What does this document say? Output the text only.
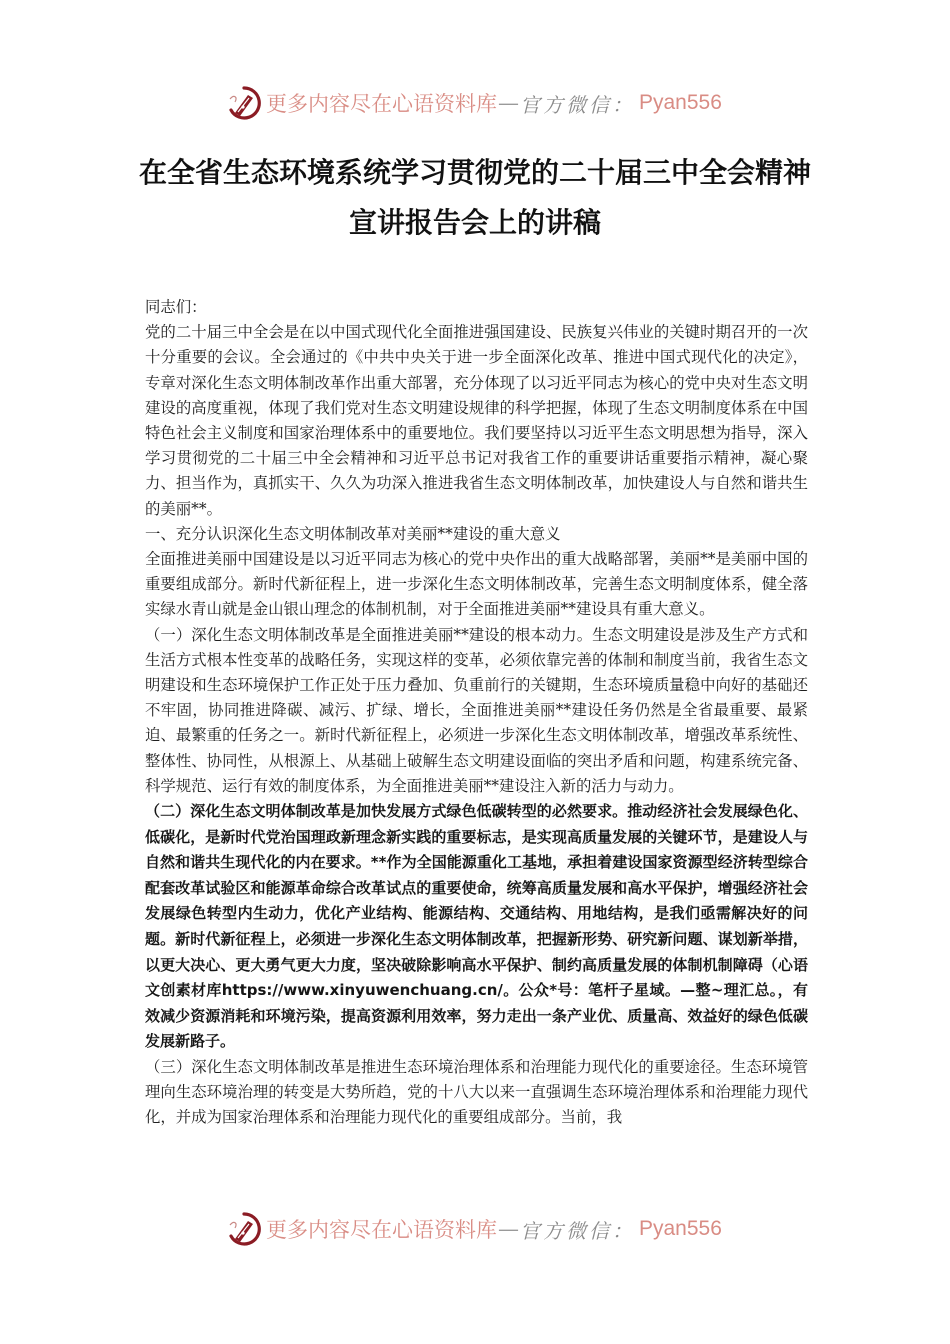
更多内容尽在心语资料库 — 官方微信： Pyan556
在全省生态环境系统学习贯彻党的二十届三中全会精神宣讲报告会上的讲稿

同志们：

党的二十届三中全会是在以中国式现代化全面推进强国建设、民族复兴伟业的关键时期召开的一次十分重要的会议。全会通过的《中共中央关于进一步全面深化改革、推进中国式现代化的决定》，专章对深化生态文明体制改革作出重大部署，充分体现了以习近平同志为核心的党中央对生态文明建设的高度重视，体现了我们党对生态文明建设规律的科学把握，体现了生态文明制度体系在中国特色社会主义制度和国家治理体系中的重要地位。我们要坚持以习近平生态文明思想为指导，深入学习贯彻党的二十届三中全会精神和习近平总书记对我省工作的重要讲话重要指示精神，凝心聚力、担当作为，真抓实干、久久为功深入推进我省生态文明体制改革，加快建设人与自然和谐共生的美丽**。

一、充分认识深化生态文明体制改革对美丽**建设的重大意义

全面推进美丽中国建设是以习近平同志为核心的党中央作出的重大战略部署，美丽**是美丽中国的重要组成部分。新时代新征程上，进一步深化生态文明体制改革，完善生态文明制度体系，健全落实绿水青山就是金山银山理念的体制机制，对于全面推进美丽**建设具有重大意义。

（一）深化生态文明体制改革是全面推进美丽**建设的根本动力。生态文明建设是涉及生产方式和生活方式根本性变革的战略任务，实现这样的变革，必须依靠完善的体制和制度当前，我省生态文明建设和生态环境保护工作正处于压力叠加、负重前行的关键期，生态环境质量稳中向好的基础还不牢固，协同推进降碳、减污、扩绿、增长，全面推进美丽**建设任务仍然是全省最重要、最紧迫、最繁重的任务之一。新时代新征程上，必须进一步深化生态文明体制改革，增强改革系统性、整体性、协同性，从根源上、从基础上破解生态文明建设面临的突出矛盾和问题，构建系统完备、科学规范、运行有效的制度体系，为全面推进美丽**建设注入新的活力与动力。

（二）深化生态文明体制改革是加快发展方式绿色低碳转型的必然要求。推动经济社会发展绿色化、低碳化，是新时代党治国理政新理念新实践的重要标志，是实现高质量发展的关键环节，是建设人与自然和谐共生现代化的内在要求。**作为全国能源重化工基地，承担着建设国家资源型经济转型综合配套改革试验区和能源革命综合改革试点的重要使命，统筹高质量发展和高水平保护，增强经济社会发展绿色转型内生动力，优化产业结构、能源结构、交通结构、用地结构，是我们亟需解决好的问题。新时代新征程上，必须进一步深化生态文明体制改革，把握新形势、研究新问题、谋划新举措，以更大决心、更大勇气更大力度，坚决破除影响高水平保护、制约高质量发展的体制机制障碍（心语文创素材库https://www.xinyuwenchuang.cn/。公众*号：笔杆子星域。—整~理汇总。，有效减少资源消耗和环境污染，提高资源利用效率，努力走出一条产业优、质量高、效益好的绿色低碳发展新路子。

（三）深化生态文明体制改革是推进生态环境治理体系和治理能力现代化的重要途径。生态环境管理向生态环境治理的转变是大势所趋，党的十八大以来一直强调生态环境治理体系和治理能力现代化，并成为国家治理体系和治理能力现代化的重要组成部分。当前，我

更多内容尽在心语资料库 — 官方微信： Pyan556
